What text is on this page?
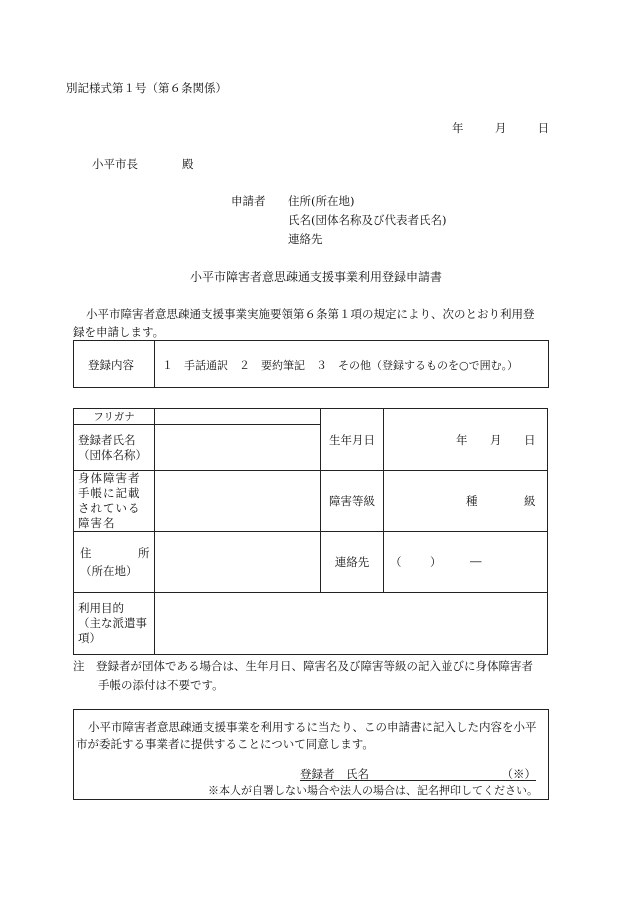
別記様式第１号（第６条関係）
年	月	日
小平市長	殿
申請者 住所(所在地)
氏名(団体名称及び代表者氏名)
連絡先
小平市障害者意思疎通支援事業利用登録申請書
小平市障害者意思疎通支援事業実施要領第６条第１項の規定により、次のとおり利用登
録を申請します。
登録内容	１　手話通訳　２　要約筆記　３　その他（登録するものを○で囲む。）
フリガナ		生年月日	年 月 日

登録者氏名
（団体名称）			
身体障害者
手帳に記載
されている
障害名		障害等級	種 級

住 所
（所在地）		連絡先	（ ） ―

利用目的
（主な派遣事
項）			
注　登録者が団体である場合は、生年月日、障害名及び障害等級の記入並びに身体障害者
手帳の添付は不要です。
小平市障害者意思疎通支援事業を利用するに当たり、この申請書に記入した内容を小平
市が委託する事業者に提供することについて同意します。
登録者　氏名	（※）
※本人が自署しない場合や法人の場合は、記名押印してください。
